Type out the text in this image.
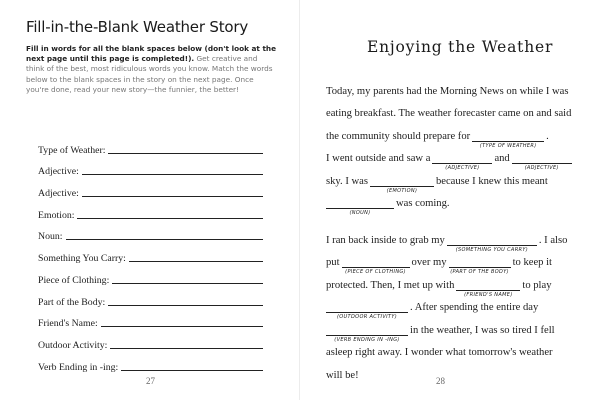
Fill-in-the-Blank Weather Story
Fill in words for all the blank spaces below (don't look at the next page until this page is completed!). Get creative and think of the best, most ridiculous words you know. Match the words below to the blank spaces in the story on the next page. Once you're done, read your new story—the funnier, the better!
Type of Weather:
Adjective:
Adjective:
Emotion:
Noun:
Something You Carry:
Piece of Clothing:
Part of the Body:
Friend's Name:
Outdoor Activity:
Verb Ending in -ing:
27
Enjoying the Weather
Today, my parents had the Morning News on while I was
eating breakfast. The weather forecaster came on and said
the community should prepare for
(TYPE OF WEATHER)
.
I went outside and saw a
(ADJECTIVE)
and
(ADJECTIVE)
sky. I was
(EMOTION)
because I knew this meant
(NOUN)
was coming.
I ran back inside to grab my
(SOMETHING YOU CARRY)
. I also
put
(PIECE OF CLOTHING)
over my
(PART OF THE BODY)
to keep it
protected. Then, I met up with
(FRIEND'S NAME)
to play
(OUTDOOR ACTIVITY)
. After spending the entire day
(VERB ENDING IN -ING)
in the weather, I was so tired I fell
asleep right away. I wonder what tomorrow's weather
will be!
28
